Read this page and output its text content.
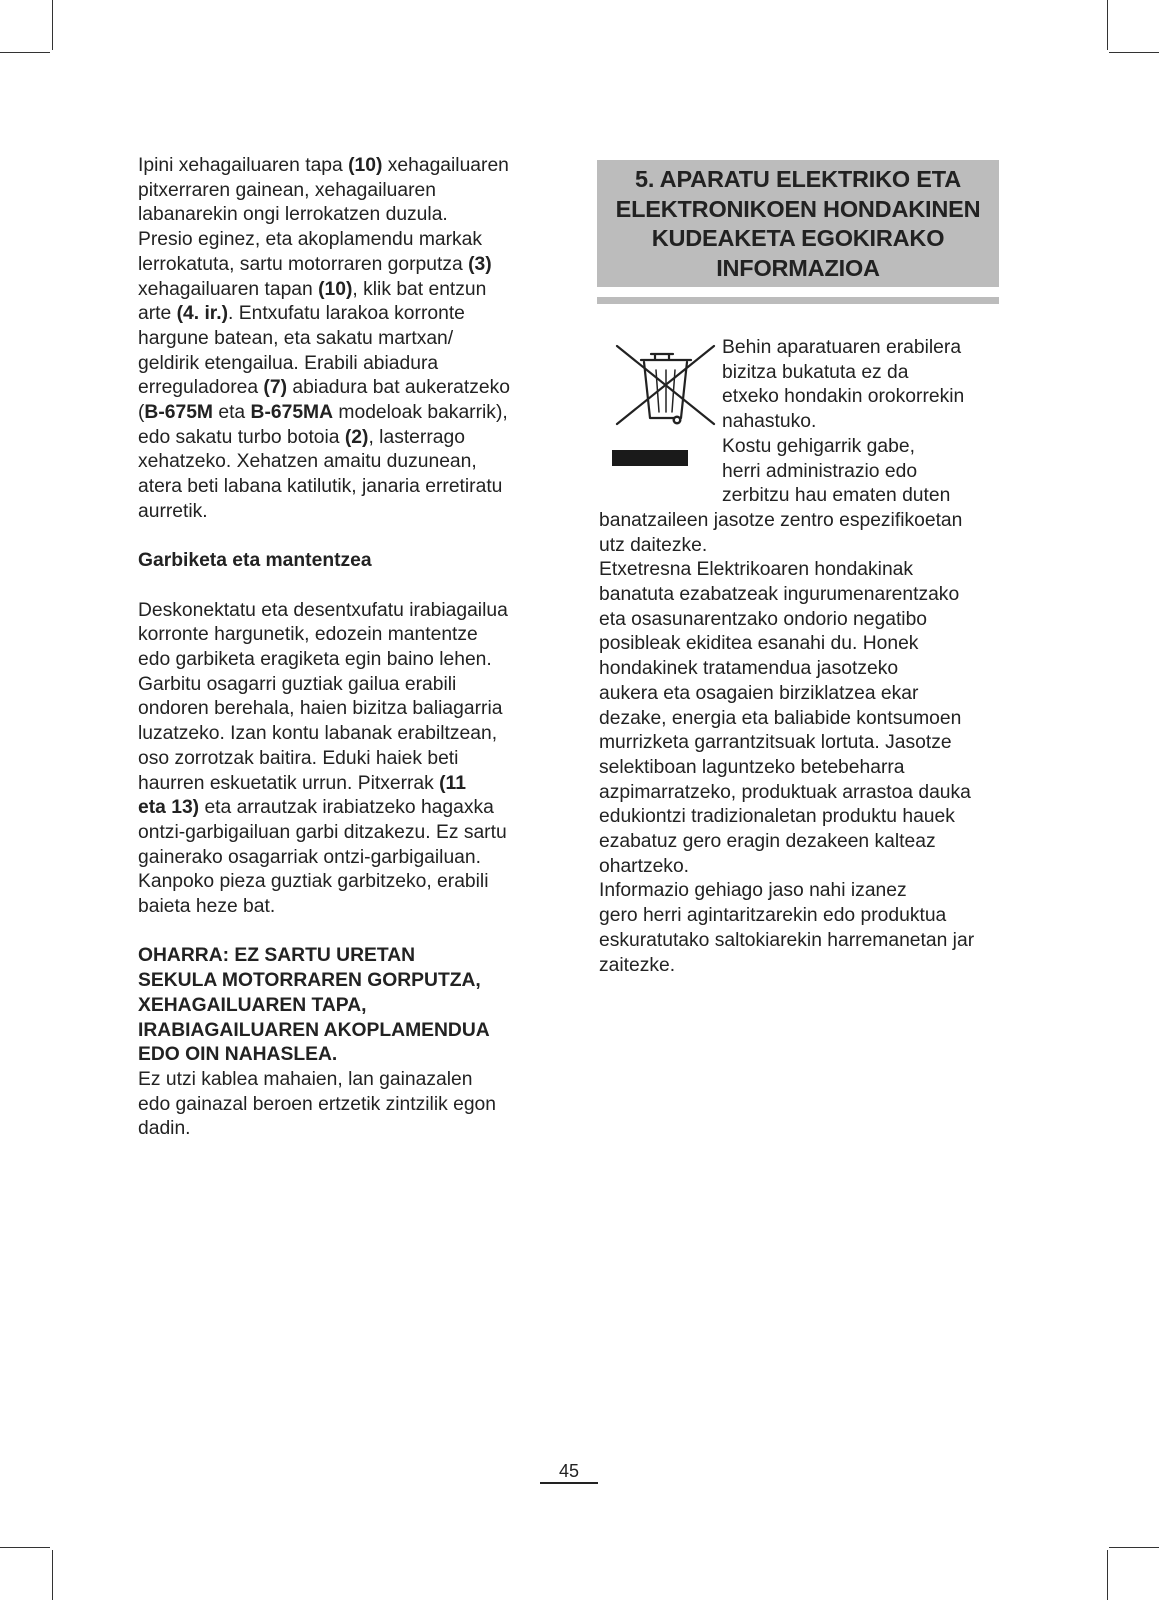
Ipini xehagailuaren tapa (10) xehagailuaren
pitxerraren gainean, xehagailuaren
labanarekin ongi lerrokatzen duzula.
Presio eginez, eta akoplamendu markak
lerrokatuta, sartu motorraren gorputza (3)
xehagailuaren tapan (10), klik bat entzun
arte (4. ir.). Entxufatu larakoa korronte
hargune batean, eta sakatu martxan/
geldirik etengailua. Erabili abiadura
erreguladorea (7) abiadura bat aukeratzeko
(B-675M eta B-675MA modeloak bakarrik),
edo sakatu turbo botoia (2), lasterrago
xehatzeko. Xehatzen amaitu duzunean,
atera beti labana katilutik, janaria erretiratu
aurretik.
Garbiketa eta mantentzea
Deskonektatu eta desentxufatu irabiagailua
korronte hargunetik, edozein mantentze
edo garbiketa eragiketa egin baino lehen.
Garbitu osagarri guztiak gailua erabili
ondoren berehala, haien bizitza baliagarria
luzatzeko. Izan kontu labanak erabiltzean,
oso zorrotzak baitira. Eduki haiek beti
haurren eskuetatik urrun. Pitxerrak (11
eta 13) eta arrautzak irabiatzeko hagaxka
ontzi-garbigailuan garbi ditzakezu. Ez sartu
gainerako osagarriak ontzi-garbigailuan.
Kanpoko pieza guztiak garbitzeko, erabili
baieta heze bat.
OHARRA: EZ SARTU URETAN
SEKULA MOTORRAREN GORPUTZA,
XEHAGAILUAREN TAPA,
IRABIAGAILUAREN AKOPLAMENDUA
EDO OIN NAHASLEA.
Ez utzi kablea mahaien, lan gainazalen
edo gainazal beroen ertzetik zintzilik egon
dadin.
5. APARATU ELEKTRIKO ETA
ELEKTRONIKOEN HONDAKINEN
KUDEAKETA EGOKIRAKO
INFORMAZIOA
Behin aparatuaren erabilera
bizitza bukatuta ez da
etxeko hondakin orokorrekin
nahastuko.
Kostu gehigarrik gabe,
herri administrazio edo
zerbitzu hau ematen duten
banatzaileen jasotze zentro espezifikoetan
utz daitezke.
Etxetresna Elektrikoaren hondakinak
banatuta ezabatzeak ingurumenarentzako
eta osasunarentzako ondorio negatibo
posibleak ekiditea esanahi du. Honek
hondakinek tratamendua jasotzeko
aukera eta osagaien birziklatzea ekar
dezake, energia eta baliabide kontsumoen
murrizketa garrantzitsuak lortuta. Jasotze
selektiboan laguntzeko betebeharra
azpimarratzeko, produktuak arrastoa dauka
edukiontzi tradizionaletan produktu hauek
ezabatuz gero eragin dezakeen kalteaz
ohartzeko.
Informazio gehiago jaso nahi izanez
gero herri agintaritzarekin edo produktua
eskuratutako saltokiarekin harremanetan jar
zaitezke.
45
